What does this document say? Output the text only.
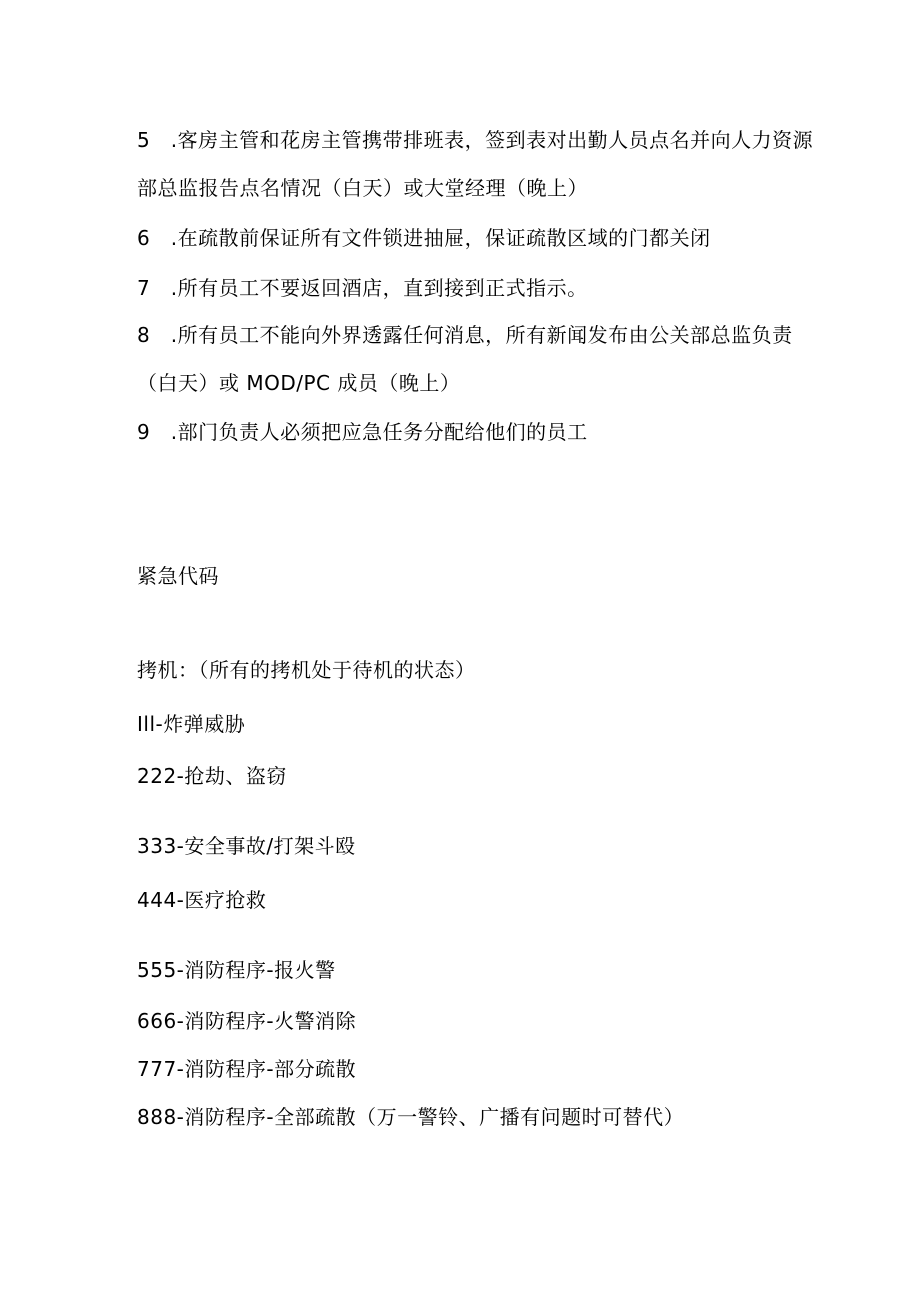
5　.客房主管和花房主管携带排班表，签到表对出勤人员点名并向人力资源
部总监报告点名情况（白天）或大堂经理（晚上）
6　.在疏散前保证所有文件锁进抽屉，保证疏散区域的门都关闭
7　.所有员工不要返回酒店，直到接到正式指示。
8　.所有员工不能向外界透露任何消息，所有新闻发布由公关部总监负责
（白天）或 MOD/PC 成员（晚上）
9　.部门负责人必须把应急任务分配给他们的员工
紧急代码
拷机：（所有的拷机处于待机的状态）
Ill-炸弹威胁
222-抢劫、盗窃
333-安全事故/打架斗殴
444-医疗抢救
555-消防程序-报火警
666-消防程序-火警消除
777-消防程序-部分疏散
888-消防程序-全部疏散（万一警铃、广播有问题时可替代）
